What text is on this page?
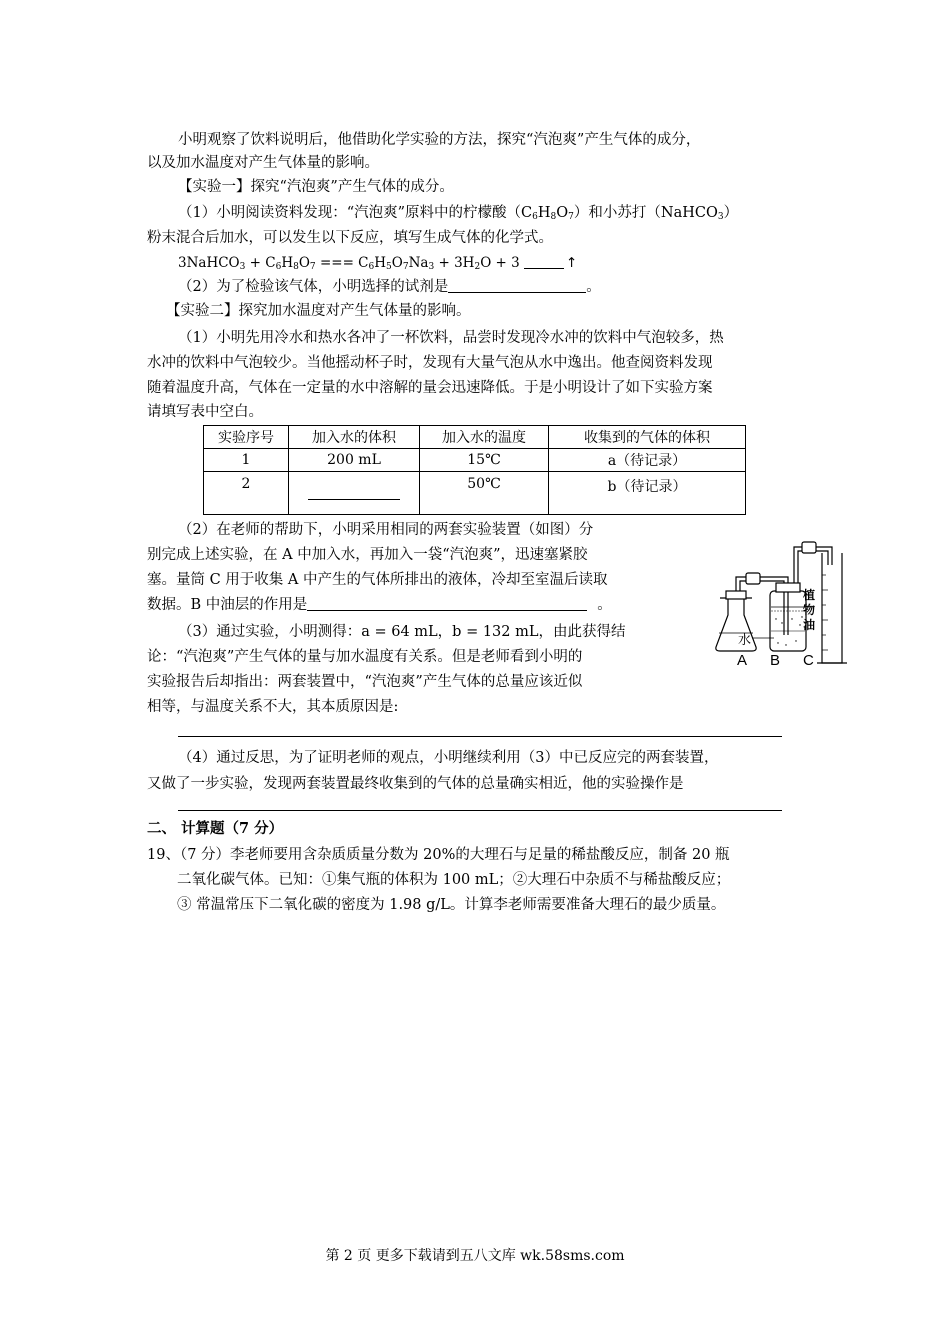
小明观察了饮料说明后，他借助化学实验的方法，探究“汽泡爽”产生气体的成分，
以及加水温度对产生气体量的影响。
【实验一】探究“汽泡爽”产生气体的成分。
（1）小明阅读资料发现：“汽泡爽”原料中的柠檬酸$(C_6H_8O_7)$和小苏打（NaHCO$_3$）
粉末混合后加水，可以发生以下反应，填写生成气体的化学式。
3NaHCO$_3$ + $C_6H_8O_7$ === $C_6H_5O_7Na_3 + 3H_2O + 3$	↑
（2）为了检验该气体，小明选择的试剂是	。
【实验二】探究加水温度对产生气体量的影响。
（1）小明先用冷水和热水各冲了一杯饮料，品尝时发现冷水冲的饮料中气泡较多，热
水冲的饮料中气泡较少。当他摇动杯子时，发现有大量气泡从水中逸出。他查阅资料发现
随着温度升高，气体在一定量的水中溶解的量会迅速降低。于是小明设计了如下实验方案
请填写表中空白。
实验序号	加入水的体积	加入水的温度	收集到的气体的体积
1	200 mL	15℃	a（待记录）
2		50℃	b（待记录）
（2）在老师的帮助下，小明采用相同的两套实验装置（如图）分
别完成上述实验，在 A 中加入水，再加入一袋“汽泡爽”，迅速塞紧胶
塞。量筒 C 用于收集 A 中产生的气体所排出的液体，冷却至室温后读取
数据。B 中油层的作用是	。
（3）通过实验，小明测得：a = 64 mL，b = 132 mL，由此获得结
论：“汽泡爽”产生气体的量与加水温度有关系。但是老师看到小明的
实验报告后却指出：两套装置中，“汽泡爽”产生气体的总量应该近似
相等，与温度关系不大，其本质原因是:
（4）通过反思，为了证明老师的观点，小明继续利用（3）中已反应完的两套装置，
又做了一步实验，发现两套装置最终收集到的气体的总量确实相近，他的实验操作是
二、 计算题（7 分）
19、（7 分）李老师要用含杂质质量分数为 20%的大理石与足量的稀盐酸反应，制备 20 瓶
二氧化碳气体。已知：①集气瓶的体积为 100 mL；②大理石中杂质不与稀盐酸反应；
③ 常温常压下二氧化碳的密度为 1.98 g/L。计算李老师需要准备大理石的最少质量。
水
植
物
油
A B C
第 2 页 更多下载请到五八文库 wk.58sms.com
